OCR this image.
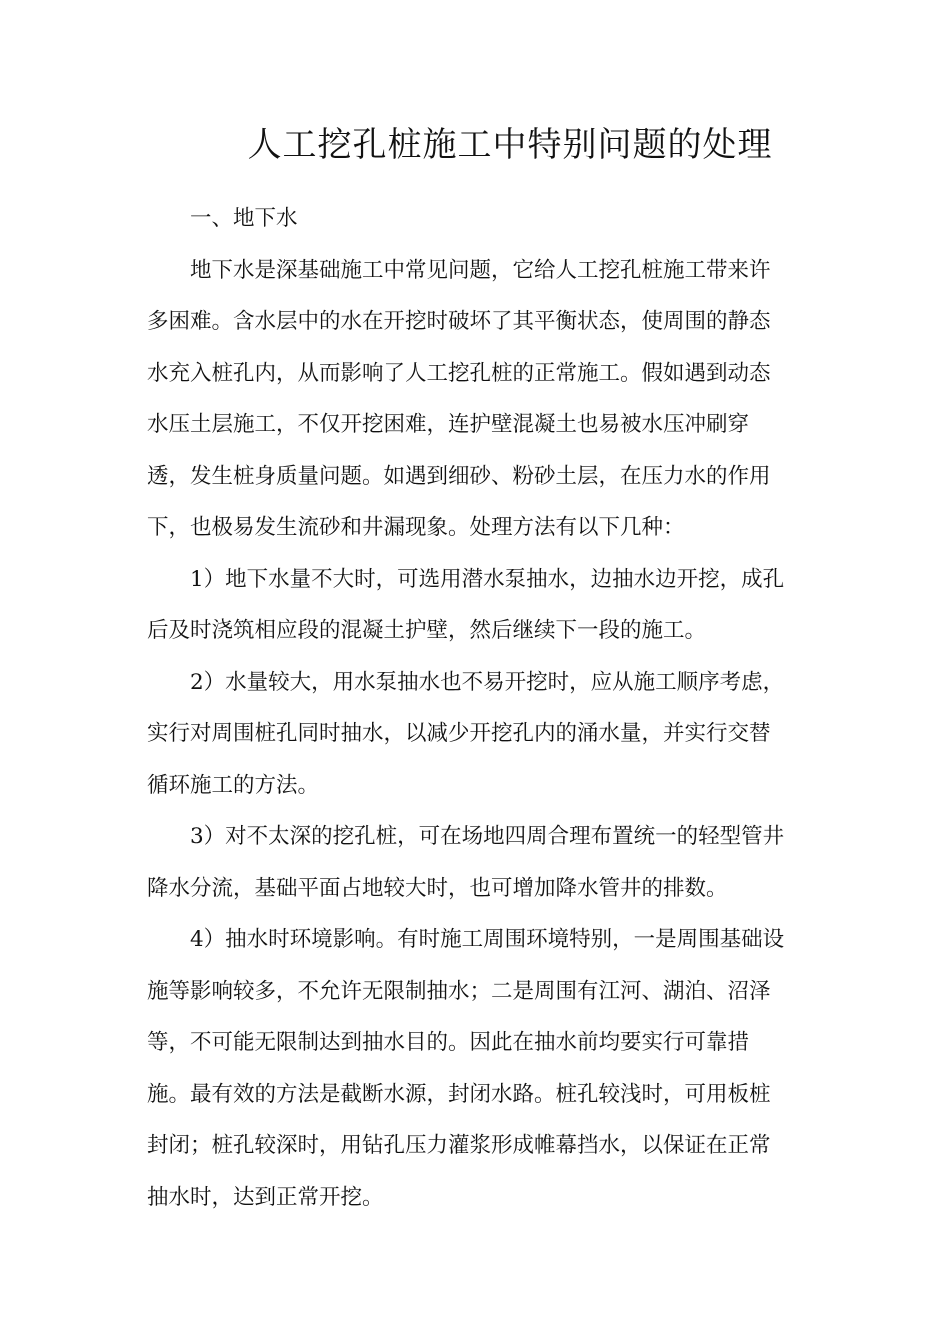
人工挖孔桩施工中特别问题的处理

一、地下水

地下水是深基础施工中常见问题，它给人工挖孔桩施工带来许
多困难。含水层中的水在开挖时破坏了其平衡状态，使周围的静态
水充入桩孔内，从而影响了人工挖孔桩的正常施工。假如遇到动态
水压土层施工，不仅开挖困难，连护壁混凝土也易被水压冲刷穿
透，发生桩身质量问题。如遇到细砂、粉砂土层，在压力水的作用
下，也极易发生流砂和井漏现象。处理方法有以下几种：
1）地下水量不大时，可选用潜水泵抽水，边抽水边开挖，成孔
后及时浇筑相应段的混凝土护壁，然后继续下一段的施工。
2）水量较大，用水泵抽水也不易开挖时，应从施工顺序考虑，
实行对周围桩孔同时抽水，以减少开挖孔内的涌水量，并实行交替
循环施工的方法。
3）对不太深的挖孔桩，可在场地四周合理布置统一的轻型管井
降水分流，基础平面占地较大时，也可增加降水管井的排数。
4）抽水时环境影响。有时施工周围环境特别，一是周围基础设
施等影响较多，不允许无限制抽水；二是周围有江河、湖泊、沼泽
等，不可能无限制达到抽水目的。因此在抽水前均要实行可靠措
施。最有效的方法是截断水源，封闭水路。桩孔较浅时，可用板桩
封闭；桩孔较深时，用钻孔压力灌浆形成帷幕挡水，以保证在正常
抽水时，达到正常开挖。
